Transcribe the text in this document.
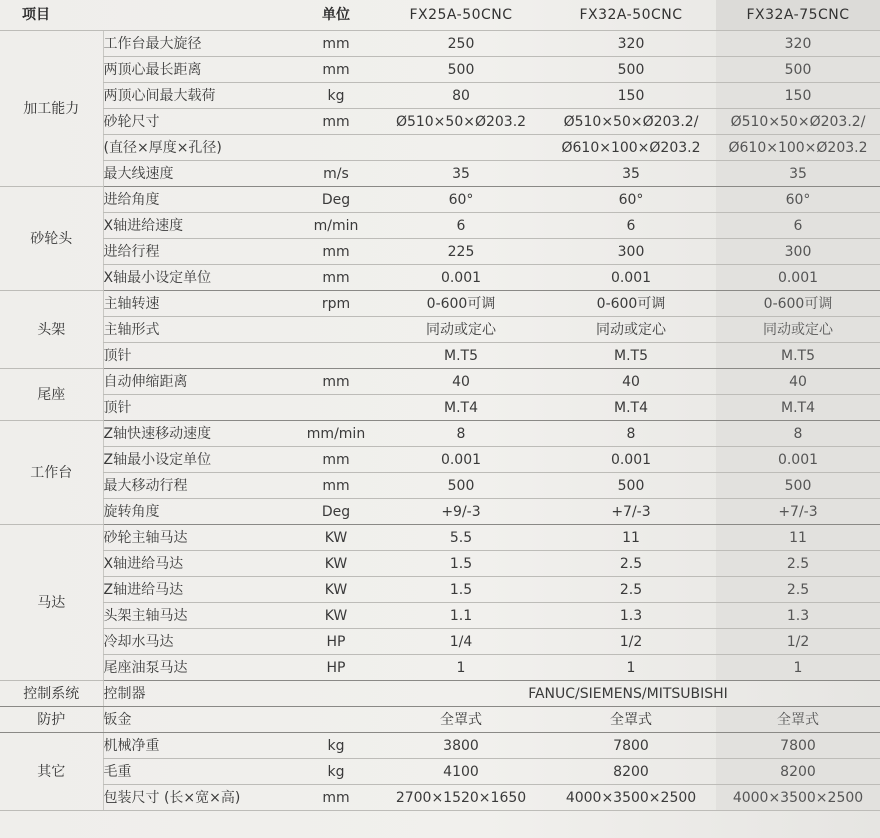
项目		单位	FX25A-50CNC	FX32A-50CNC	FX32A-75CNC
加工能力	工作台最大旋径	mm	250	320	320
	两顶心最长距离	mm	500	500	500
	两顶心间最大载荷	kg	80	150	150
	砂轮尺寸	mm	Ø510×50×Ø203.2	Ø510×50×Ø203.2/	Ø510×50×Ø203.2/
	(直径×厚度×孔径)			Ø610×100×Ø203.2	Ø610×100×Ø203.2
	最大线速度	m/s	35	35	35
砂轮头	进给角度	Deg	60°	60°	60°
	X轴进给速度	m/min	6	6	6
	进给行程	mm	225	300	300
	X轴最小设定单位	mm	0.001	0.001	0.001
头架	主轴转速	rpm	0-600可调	0-600可调	0-600可调
	主轴形式		同动或定心	同动或定心	同动或定心
	顶针		M.T5	M.T5	M.T5
尾座	自动伸缩距离	mm	40	40	40
	顶针		M.T4	M.T4	M.T4
工作台	Z轴快速移动速度	mm/min	8	8	8
	Z轴最小设定单位	mm	0.001	0.001	0.001
	最大移动行程	mm	500	500	500
	旋转角度	Deg	+9/-3	+7/-3	+7/-3
马达	砂轮主轴马达	KW	5.5	11	11
	X轴进给马达	KW	1.5	2.5	2.5
	Z轴进给马达	KW	1.5	2.5	2.5
	头架主轴马达	KW	1.1	1.3	1.3
	冷却水马达	HP	1/4	1/2	1/2
	尾座油泵马达	HP	1	1	1
控制系统	控制器		FANUC/SIEMENS/MITSUBISHI		
防护	钣金		全罩式	全罩式	全罩式
其它	机械净重	kg	3800	7800	7800
	毛重	kg	4100	8200	8200
	包装尺寸 (长×宽×高)	mm	2700×1520×1650	4000×3500×2500	4000×3500×2500
